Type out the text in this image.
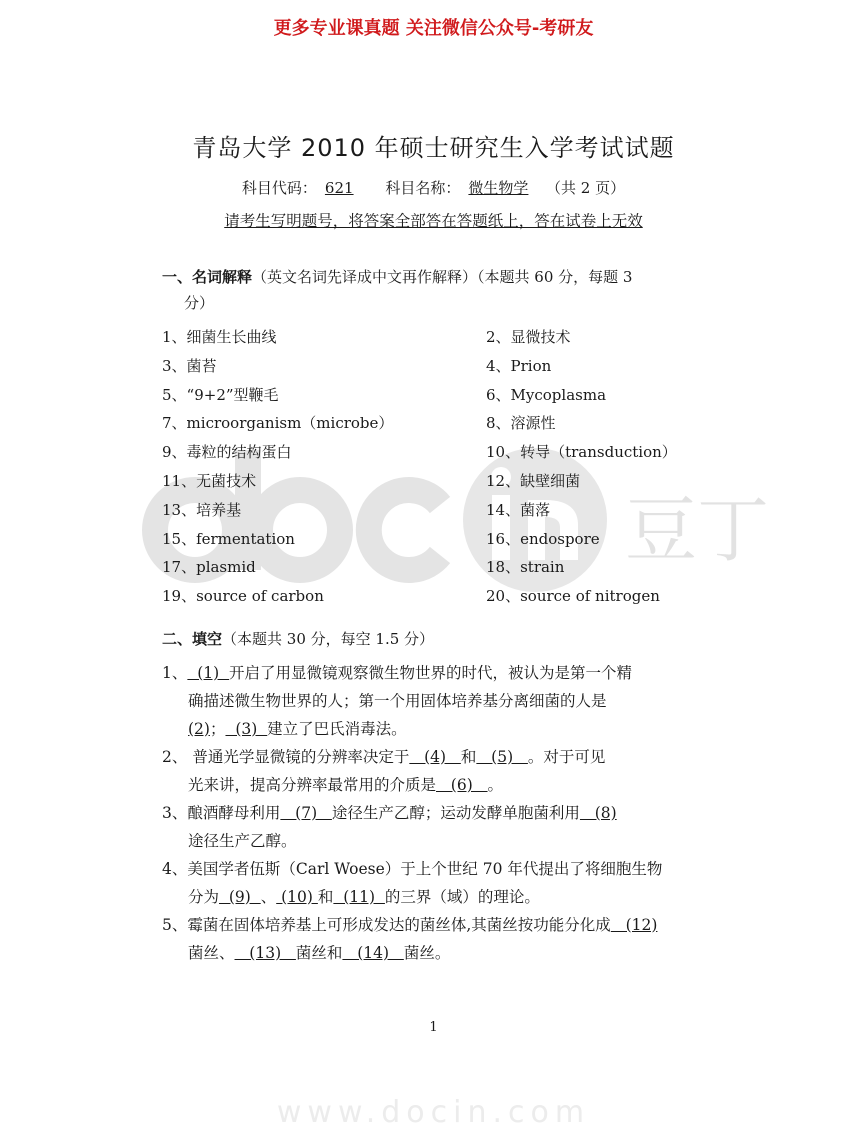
更多专业课真题 关注微信公众号-考研友
豆丁
www.docin.com
青岛大学 2010 年硕士研究生入学考试试题
科目代码： 621 科目名称： 微生物学 （共 2 页）
请考生写明题号，将答案全部答在答题纸上，答在试卷上无效
一、名词解释（英文名词先译成中文再作解释）（本题共 60 分，每题 3
分）
1、细菌生长曲线	2、显微技术
3、菌苔	4、Prion
5、“9+2”型鞭毛	6、Mycoplasma
7、microorganism（microbe）	8、溶源性
9、毒粒的结构蛋白	10、转导（transduction）
11、无菌技术	12、缺壁细菌
13、培养基	14、菌落
15、fermentation	16、endospore
17、plasmid	18、strain
19、source of carbon	20、source of nitrogen
二、填空（本题共 30 分，每空 1.5 分）
1、  (1)  开启了用显微镜观察微生物世界的时代，被认为是第一个精
确描述微生物世界的人；第一个用固体培养基分离细菌的人是
(2)；  (3)  建立了巴氏消毒法。
2、 普通光学显微镜的分辨率决定于   (4)   和   (5)   。对于可见
光来讲，提高分辨率最常用的介质是   (6)   。
3、酿酒酵母利用   (7)   途径生产乙醇；运动发酵单胞菌利用   (8)
途径生产乙醇。
4、美国学者伍斯（Carl Woese）于上个世纪 70 年代提出了将细胞生物
分为  (9)  、 (10) 和  (11)  的三界（域）的理论。
5、霉菌在固体培养基上可形成发达的菌丝体,其菌丝按功能分化成   (12)
菌丝、   (13)   菌丝和   (14)   菌丝。
1
